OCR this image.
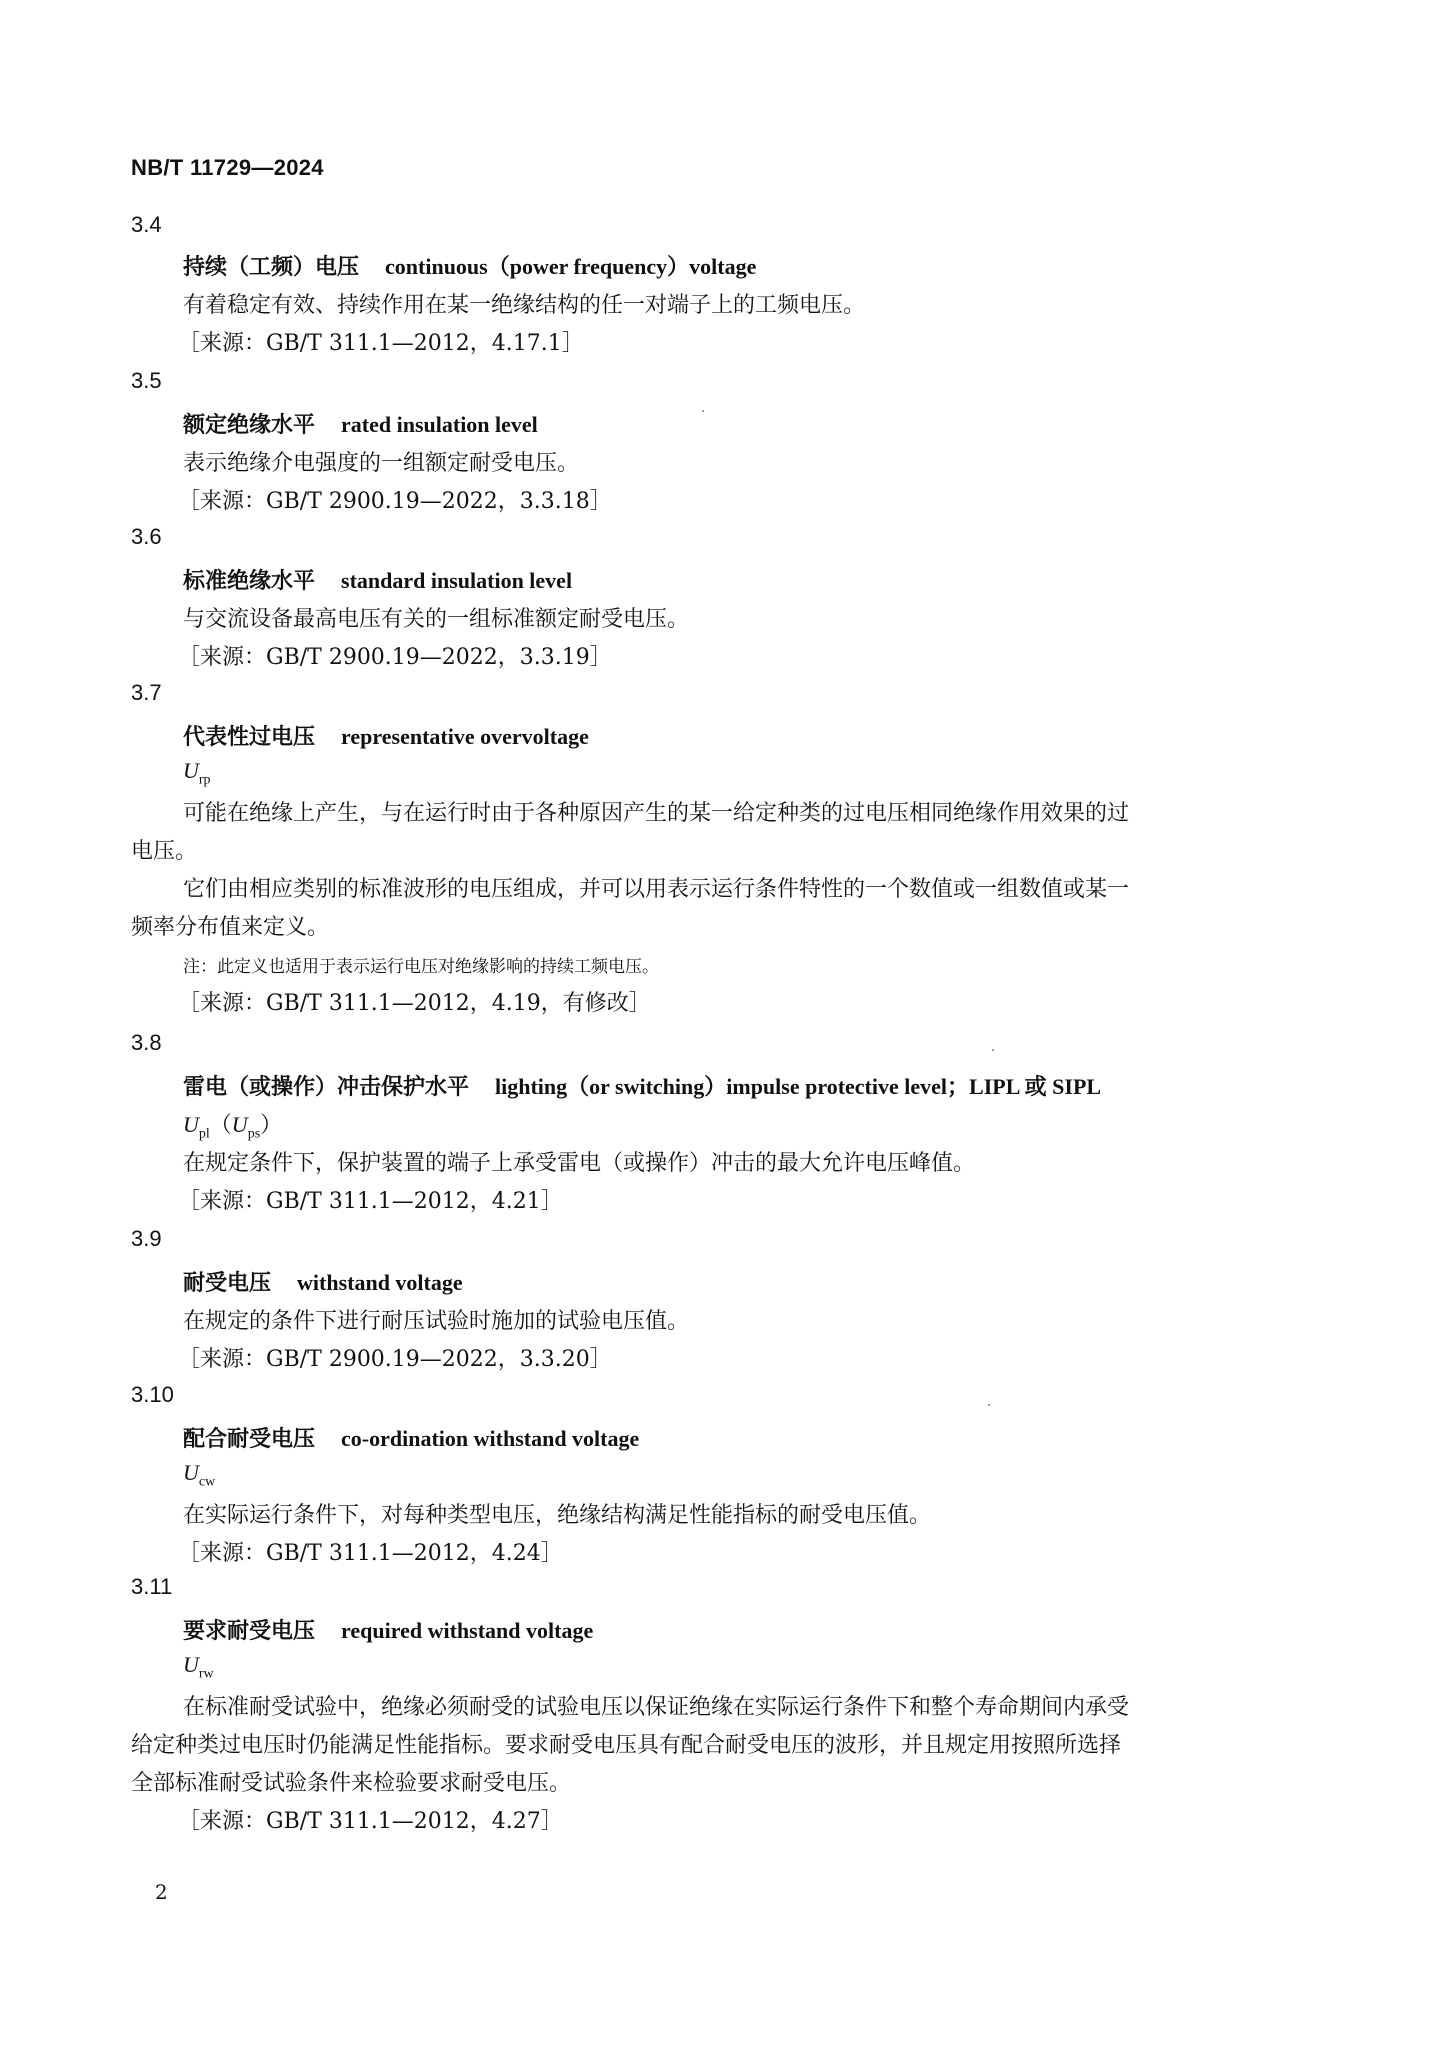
NB/T 11729—2024
3.4
持续（工频）电压 continuous（power frequency）voltage
有着稳定有效、持续作用在某一绝缘结构的任一对端子上的工频电压。
［来源：GB/T 311.1—2012，4.17.1］
3.5
额定绝缘水平 rated insulation level
表示绝缘介电强度的一组额定耐受电压。
［来源：GB/T 2900.19—2022，3.3.18］
3.6
标准绝缘水平 standard insulation level
与交流设备最高电压有关的一组标准额定耐受电压。
［来源：GB/T 2900.19—2022，3.3.19］
3.7
代表性过电压 representative overvoltage
$U_{rp}$
可能在绝缘上产生，与在运行时由于各种原因产生的某一给定种类的过电压相同绝缘作用效果的过
电压。
它们由相应类别的标准波形的电压组成，并可以用表示运行条件特性的一个数值或一组数值或某一
频率分布值来定义。
注：此定义也适用于表示运行电压对绝缘影响的持续工频电压。
［来源：GB/T 311.1—2012，4.19，有修改］
3.8
雷电（或操作）冲击保护水平 lighting（or switching）impulse protective level；LIPL 或 SIPL
$U_{pl}(U_{ps})$
在规定条件下，保护装置的端子上承受雷电（或操作）冲击的最大允许电压峰值。
［来源：GB/T 311.1—2012，4.21］
3.9
耐受电压 withstand voltage
在规定的条件下进行耐压试验时施加的试验电压值。
［来源：GB/T 2900.19—2022，3.3.20］
3.10
配合耐受电压 co-ordination withstand voltage
$U_{cw}$
在实际运行条件下，对每种类型电压，绝缘结构满足性能指标的耐受电压值。
［来源：GB/T 311.1—2012，4.24］
3.11
要求耐受电压 required withstand voltage
$U_{rw}$
在标准耐受试验中，绝缘必须耐受的试验电压以保证绝缘在实际运行条件下和整个寿命期间内承受
给定种类过电压时仍能满足性能指标。要求耐受电压具有配合耐受电压的波形，并且规定用按照所选择
全部标准耐受试验条件来检验要求耐受电压。
［来源：GB/T 311.1—2012，4.27］
2
